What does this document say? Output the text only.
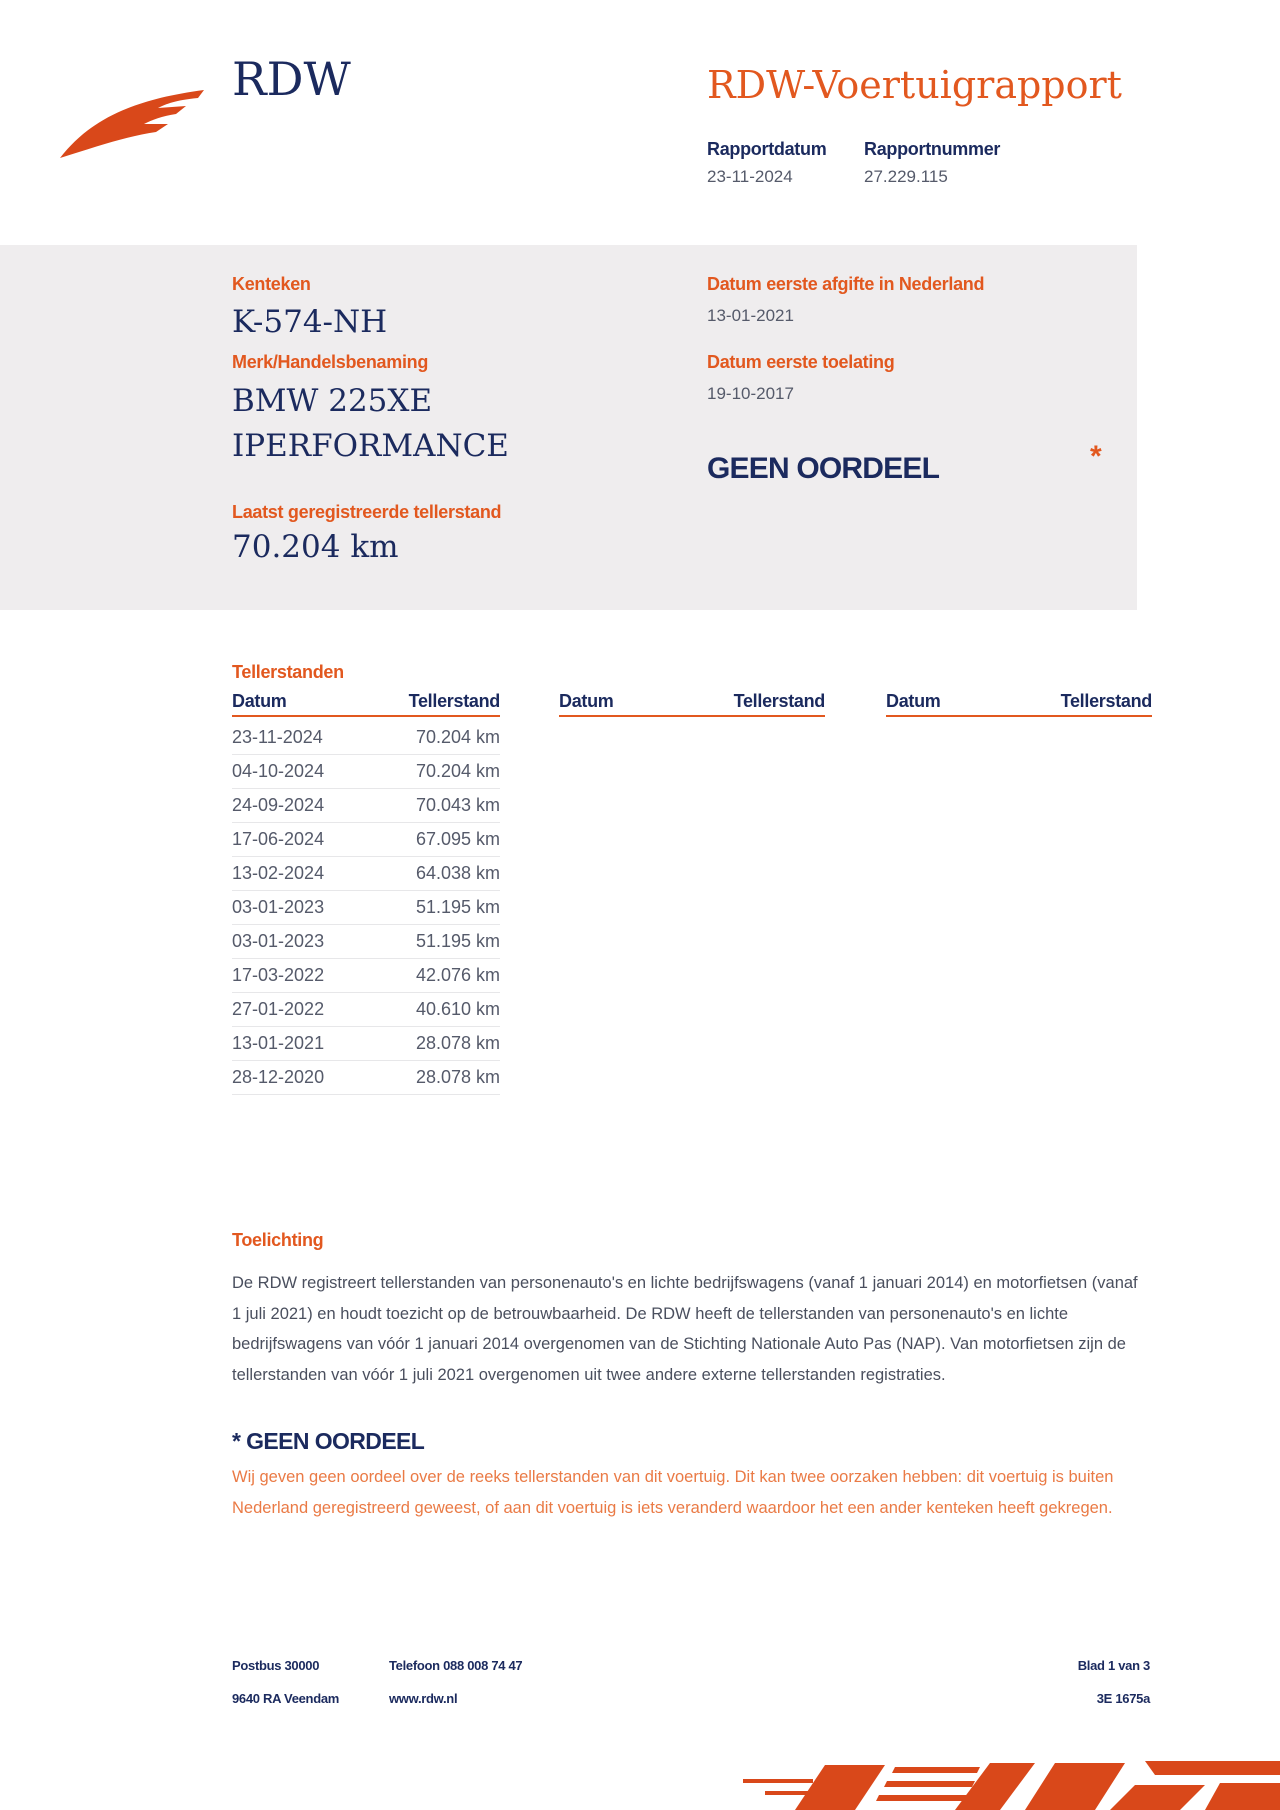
RDW	RDW-Voertuigrapport
Rapportdatum
23-11-2024
Rapportnummer
27.229.115
Kenteken
K-574-NH
Merk/Handelsbenaming
BMW 225XE
IPERFORMANCE
Laatst geregistreerde tellerstand
70.204 km
Datum eerste afgifte in Nederland
13-01-2021
Datum eerste toelating
19-10-2017
GEEN OORDEEL	*
Tellerstanden
Datum	Tellerstand
23-11-2024	70.204 km
04-10-2024	70.204 km
24-09-2024	70.043 km
17-06-2024	67.095 km
13-02-2024	64.038 km
03-01-2023	51.195 km
03-01-2023	51.195 km
17-03-2022	42.076 km
27-01-2022	40.610 km
13-01-2021	28.078 km
28-12-2020	28.078 km
Datum	Tellerstand	Datum	Tellerstand
Toelichting
De RDW registreert tellerstanden van personenauto's en lichte bedrijfswagens (vanaf 1 januari 2014) en motorfietsen (vanaf 1 juli 2021) en houdt toezicht op de betrouwbaarheid. De RDW heeft de tellerstanden van personenauto's en lichte bedrijfswagens van vóór 1 januari 2014 overgenomen van de Stichting Nationale Auto Pas (NAP). Van motorfietsen zijn de tellerstanden van vóór 1 juli 2021 overgenomen uit twee andere externe tellerstanden registraties.
* GEEN OORDEEL
Wij geven geen oordeel over de reeks tellerstanden van dit voertuig. Dit kan twee oorzaken hebben: dit voertuig is buiten Nederland geregistreerd geweest, of aan dit voertuig is iets veranderd waardoor het een ander kenteken heeft gekregen.
Postbus 30000
9640 RA Veendam
Telefoon 088 008 74 47
www.rdw.nl
Blad 1 van 3
3E 1675a
